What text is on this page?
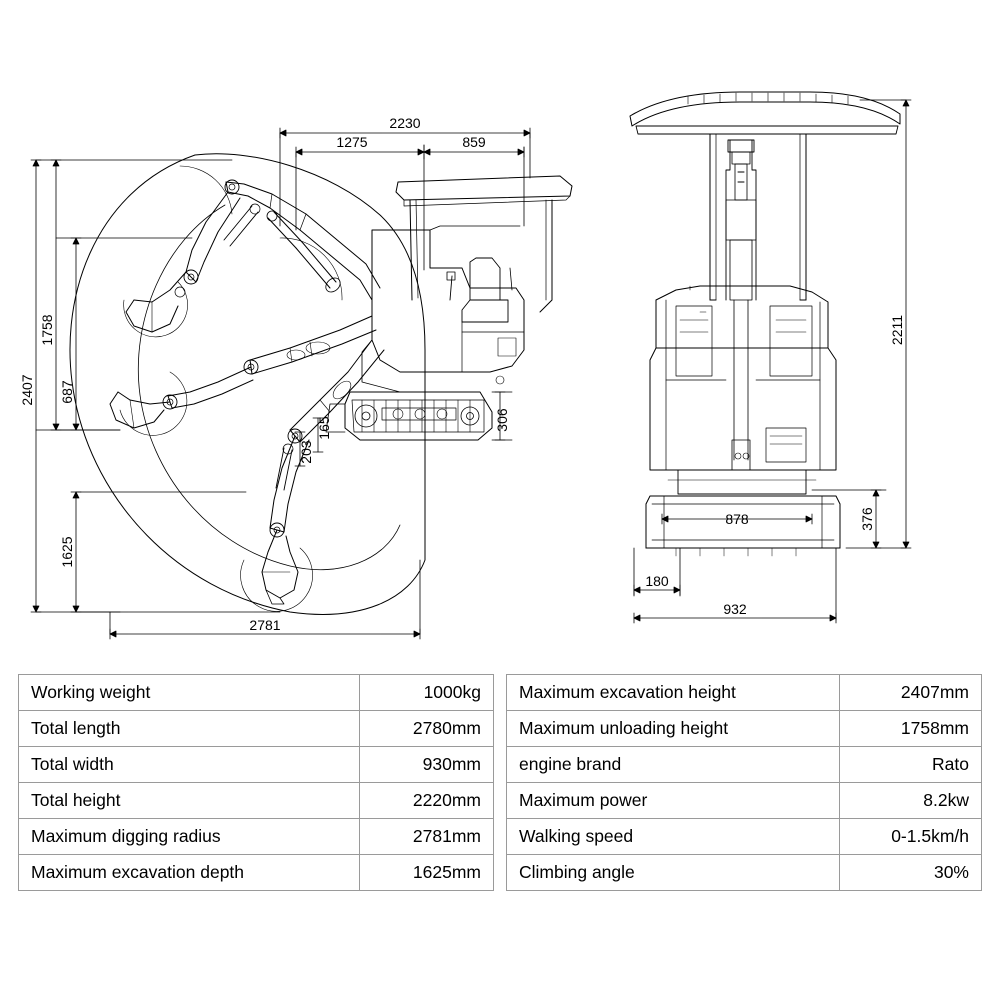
2230
1275	859
2407
1758
687
306
165
203
1625
2781
2211
878	376
180
932
Working weight	1000kg
Total length	2780mm
Total width	930mm
Total height	2220mm
Maximum digging radius	2781mm
Maximum excavation depth	1625mm
Maximum excavation height	2407mm
Maximum unloading height	1758mm
engine brand	Rato
Maximum power	8.2kw
Walking speed	0-1.5km/h
Climbing angle	30%
